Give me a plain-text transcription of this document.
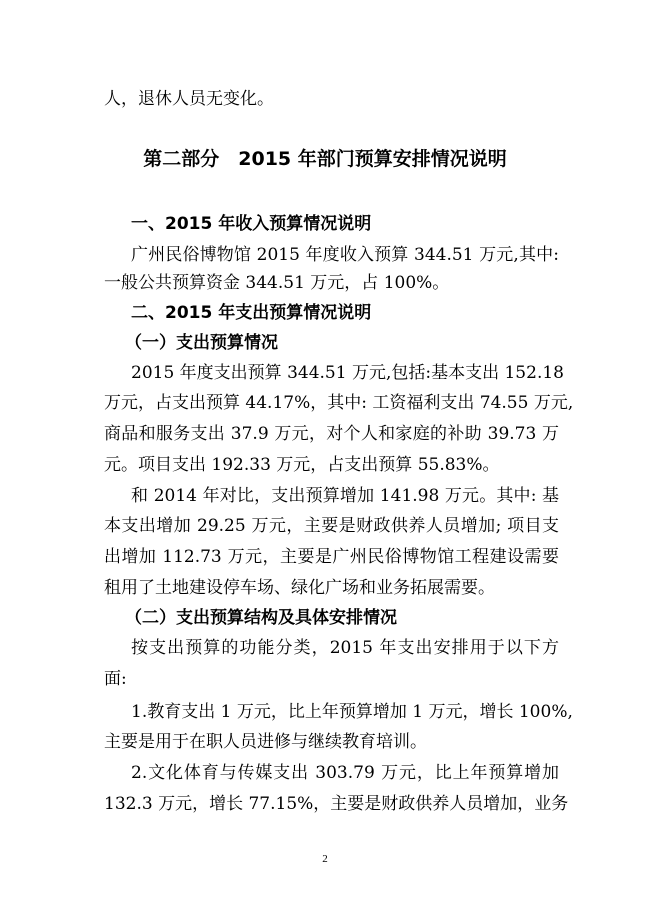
人，退休人员无变化。

第二部分　2015 年部门预算安排情况说明
一、2015 年收入预算情况说明

广州民俗博物馆 2015 年度收入预算 344.51 万元,其中:

一般公共预算资金 344.51 万元，占 100%。

二、2015 年支出预算情况说明
（一）支出预算情况

2015 年度支出预算 344.51 万元,包括:基本支出 152.18

万元，占支出预算 44.17%，其中: 工资福利支出 74.55 万元,

商品和服务支出 37.9 万元，对个人和家庭的补助 39.73 万

元。项目支出 192.33 万元，占支出预算 55.83%。

和 2014 年对比，支出预算增加 141.98 万元。其中: 基

本支出增加 29.25 万元，主要是财政供养人员增加; 项目支

出增加 112.73 万元，主要是广州民俗博物馆工程建设需要

租用了土地建设停车场、绿化广场和业务拓展需要。

（二）支出预算结构及具体安排情况

按支出预算的功能分类，2015 年支出安排用于以下方

面:

1.教育支出 1 万元，比上年预算增加 1 万元，增长 100%,

主要是用于在职人员进修与继续教育培训。

2.文化体育与传媒支出 303.79 万元，比上年预算增加

132.3 万元，增长 77.15%，主要是财政供养人员增加，业务

2
